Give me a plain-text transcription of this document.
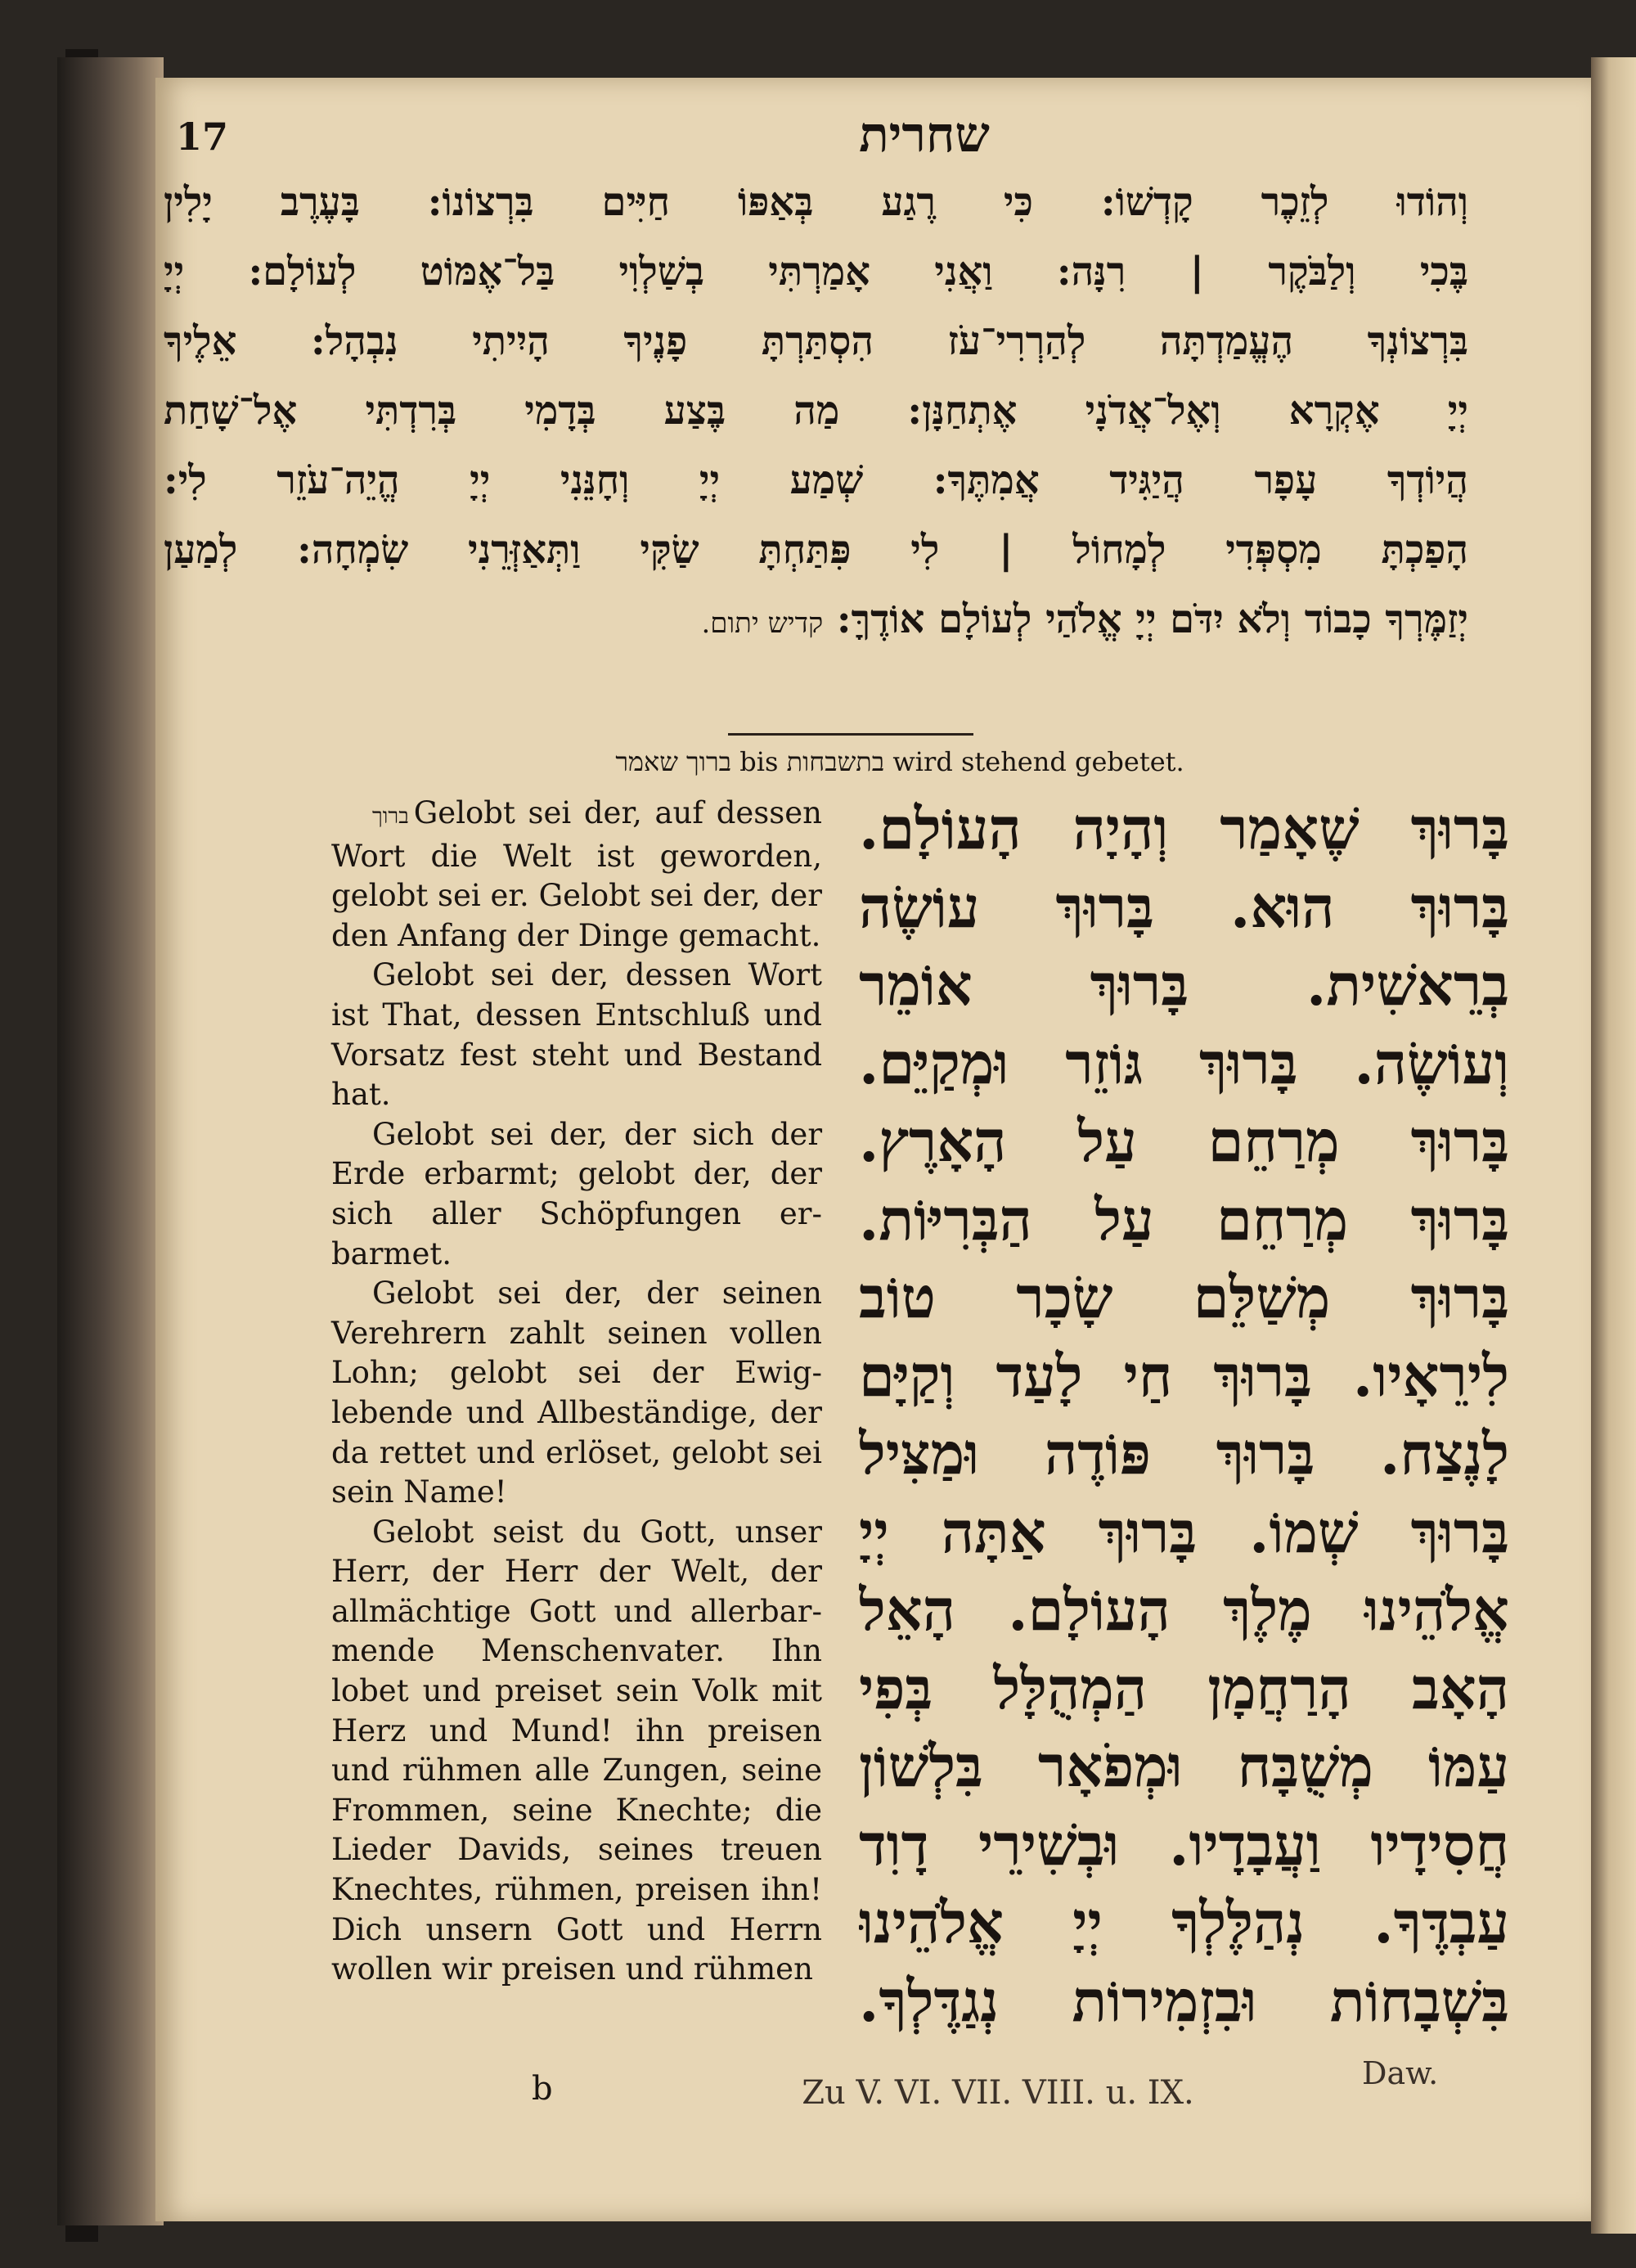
17	שחרית
וְהוֹדוּ לְזֵכֶר קָדְשׁוֹ: כִּי רֶגַע בְּאַפּוֹ חַיִּים בִּרְצוֹנוֹ: בָּעֶרֶב יָלִין
בֶּכִי וְלַבֹּקֶר | רִנָּה: וַאֲנִי אָמַרְתִּי בְשַׁלְוִי בַּל־אֶמּוֹט לְעוֹלָם: יְיָ
בִּרְצוֹנְךָ הֶעֱמַדְתָּה לְהַרְרִי־עֹז הִסְתַּרְתָּ פָנֶיךָ הָיִיתִי נִבְהָל: אֵלֶיךָ
יְיָ אֶקְרָא וְאֶל־אֲדֹנָי אֶתְחַנָּן: מַה בֶּצַע בְּדָמִי בְּרִדְתִּי אֶל־שָׁחַת
הֲיוֹדְךָ עָפָר הֲיַגִּיד אֲמִתֶּךָ: שְׁמַע יְיָ וְחָנֵּנִי יְיָ הֱיֵה־עֹזֵר לִי:
הָפַכְתָּ מִסְפְּדִי לְמָחוֹל | לִי פִּתַּחְתָּ שַׂקִּי וַתְּאַזְּרֵנִי שִׂמְחָה: לְמַעַן
יְזַמֶּרְךָ כָבוֹד וְלֹא יִדֹּם יְיָ אֱלֹהַי לְעוֹלָם אוֹדֶךָּ: קדיש יתום.
ברוך שאמר bis בתשבחות wird stehend gebetet.

ברוך Gelobt sei der, auf dessen Wort die Welt ist geworden, gelobt sei er. Gelobt sei der, der den Anfang der Dinge gemacht.

Gelobt sei der, dessen Wort ist That, dessen Entschluß und Vorsatz fest steht und Bestand hat.

Gelobt sei der, der sich der Erde erbarmt; gelobt der, der sich aller Schöpfungen erbarmet.

Gelobt sei der, der seinen Verehrern zahlt seinen vollen Lohn; gelobt sei der Ewiglebende und Allbeständige, der da rettet und erlöset, gelobt sei sein Name!

Gelobt seist du Gott, unser Herr, der Herr der Welt, der allmächtige Gott und allerbarmende Menschenvater. Ihn lobet und preiset sein Volk mit Herz und Mund! ihn preisen und rühmen alle Zungen, seine Frommen, seine Knechte; die Lieder Davids, seines treuen Knechtes, rühmen, preisen ihn! Dich unsern Gott und Herrn wollen wir preisen und rühmen

בָּרוּךְ שֶׁאָמַר וְהָיָה הָעוֹלָם.
בָּרוּךְ הוּא. בָּרוּךְ עוֹשֶׂה
בְרֵאשִׁית. בָּרוּךְ אוֹמֵר
וְעוֹשֶׂה. בָּרוּךְ גּוֹזֵר וּמְקַיֵּם.
בָּרוּךְ מְרַחֵם עַל הָאָרֶץ.
בָּרוּךְ מְרַחֵם עַל הַבְּרִיּוֹת.
בָּרוּךְ מְשַׁלֵּם שָׂכָר טוֹב
לִירֵאָיו. בָּרוּךְ חַי לָעַד וְקַיָּם
לָנֶצַח. בָּרוּךְ פּוֹדֶה וּמַצִּיל
בָּרוּךְ שְׁמוֹ. בָּרוּךְ אַתָּה יְיָ
אֱלֹהֵינוּ מֶלֶךְ הָעוֹלָם. הָאֵל
הָאָב הָרַחֲמָן הַמְהֻלָּל בְּפִי
עַמּוֹ מְשֻׁבָּח וּמְפֹאָר בִּלְשׁוֹן
חֲסִידָיו וַעֲבָדָיו. וּבְשִׁירֵי דָוִד
עַבְדֶּךָ. נְהַלֶּלְךָ יְיָ אֱלֹהֵינוּ
בִּשְׁבָחוֹת וּבִזְמִירוֹת נְגַדֶּלְךָ.
b	Zu V. VI. VII. VIII. u. IX.
Daw.
